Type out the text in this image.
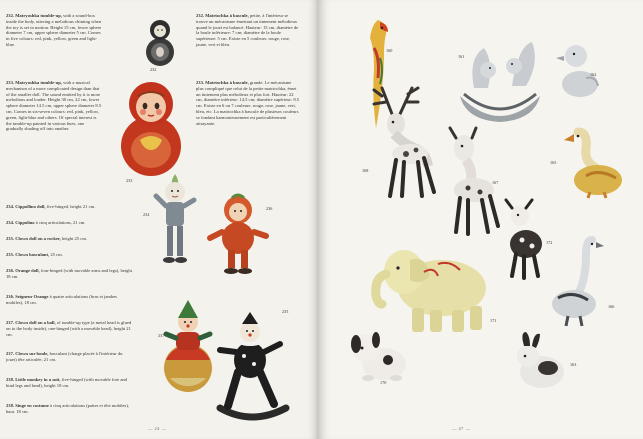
232. Matryoshka tumble-up, with a sound-box inside the body, uttering a melodious chiming when the toy is set in motion. Height 15 cm, lower sphere diameter 7 cm, upper sphere diameter 5 cm. Comes in five colours: red, pink, yellow, green and light-blue.
233. Matryoshka tumble-up, with a musical mechanism of a more complicated design than that of the smaller doll. The sound emitted by it is more melodious and louder. Height 30 cm, 22 cm, lower sphere diameter 14.5 cm, upper sphere diameter 8.5 cm. Comes in six-seven colours: red, pink, yellow, green, light-blue and others. Of special interest is the tumble-up painted in various hues, one gradually shading off into another.
234. Cippollino doll, five-hinged, height 21 cm.
234. Cippolino à cinq articulations, 21 cm.
235. Clown doll on a rocker, height 25 cm.
235. Clown basculant, 25 cm.
236. Orange doll, four-hinged (with movable arms and legs), height 18 cm.
236. Seigneur Orange à quatre articulations (bras et jambes mobiles), 18 cm.
237. Clown doll on a ball, of tumble-up type (a metal head is glued on to the body inside), one-hinged (with a movable head), height 21 cm.
237. Clown sur boule, basculant (charge placée à l'intérieur du jouet) tête articulée, 21 cm.
238. Little monkey in a suit, five-hinged (with movable fore and hind legs and head), height 18 cm.
238. Singe en costume à cinq articulations (pattes et tête mobiles), haut. 18 cm.
232. Matriochka à bascule, petite, à l'intérieur se trouve un mécanisme émettant un tintement mélodieux quand le jouet est balancé. Hauteur: 15 cm, diamètre de la boule inférieure: 7 cm; diamètre de la boule supérieure: 5 cm. Existe en 5 couleurs: rouge, rose, jaune, vert et bleu.
233. Matriochka à bascule, grande. Le mécanisme plus compliqué que celui de la petite matriochka, émet un tintement plus mélodieux et plus fort. Hauteur: 22 cm, diamètre inférieur: 14,5 cm; diamètre supérieur: 8,5 cm. Existe en 6 ou 7 couleurs: rouge, rose, jaune, vert, bleu, etc. La matriochka à bascule de plusieurs couleurs se fondant harmonieusement est particulièrement attrayante.
232
233
234
236
237
235
— 24 —
160
161
162
168
167
165
172
171
166
170
163
— 47 —
